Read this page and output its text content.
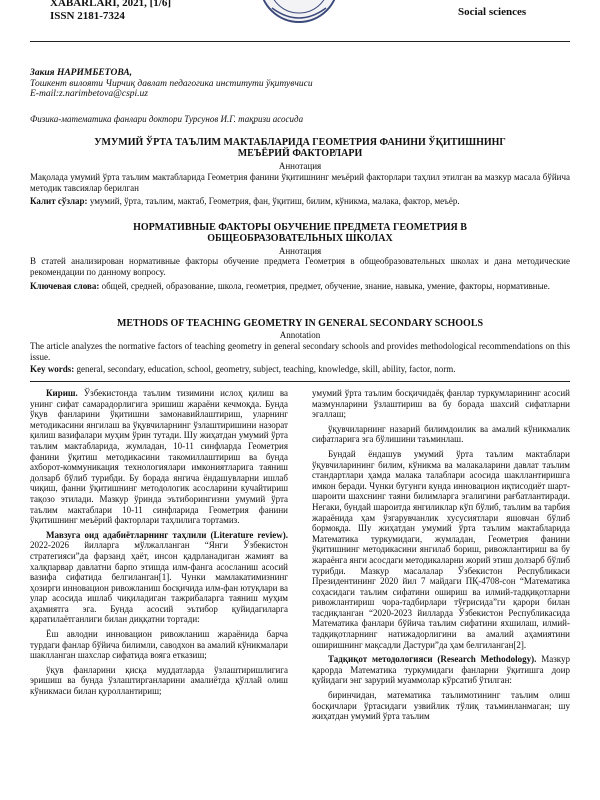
XABARLARI, 2021, [1/6]
ISSN 2181-7324	Social sciences
Закия НАРИМБЕТОВА,
Тошкент вилояти Чирчиқ давлат педагогика институти ўқитувчиси
E-mail:z.narimbetova@cspi.uz
Физика-математика фанлари доктори Турсунов И.Г. тақризи асосида
УМУМИЙ ЎРТА ТАЪЛИМ МАКТАБЛАРИДА ГЕОМЕТРИЯ ФАНИНИ ЎҚИТИШНИНГ МЕЪЁРИЙ ФАКТОРЛАРИ
Аннотация
Мақолада умумий ўрта таълим мактабларида Геометрия фанини ўқитишнинг меъёрий факторлари таҳлил этилган ва мазкур масала бўйича методик тавсиялар берилган
Калит сўзлар: умумий, ўрта, таълим, мактаб, Геометрия, фан, ўқитиш, билим, кўникма, малака, фактор, меъёр.
НОРМАТИВНЫЕ ФАКТОРЫ ОБУЧЕНИЕ ПРЕДМЕТА ГЕОМЕТРИЯ В ОБЩЕОБРАЗОВАТЕЛЬНЫХ ШКОЛАХ
Аннотация
В статей анализирован нормативные факторы обучение предмета Геометрия в общеобразовательных школах и дана методические рекомендации по данному вопросу.
Ключевая слова: общей, средней, образование, школа, геометрия, предмет, обучение, знание, навыка, умение, факторы, нормативные.
METHODS OF TEACHING GEOMETRY IN GENERAL SECONDARY SCHOOLS
Annotation
The article analyzes the normative factors of teaching geometry in general secondary schools and provides methodological recommendations on this issue.
Key words: general, secondary, education, school, geometry, subject, teaching, knowledge, skill, ability, factor, norm.

Кириш. Ўзбекистонда таълим тизимини ислоҳ қилиш ва унинг сифат самарадорлигига эришиш жараёни кечмоқда. Бунда ўқув фанларини ўқитишни замонавийлаштириш, уларнинг методикасини янгилаш ва ўқувчиларнинг ўзлаштиришини назорат қилиш вазифалари муҳим ўрин тутади. Шу жиҳатдан умумий ўрта таълим мактабларида, жумладан, 10-11 синфларда Геометрия фанини ўқитиш методикасини такомиллаштириш ва бунда ахборот-коммуникация технологиялари имкониятларига таяниш долзарб бўлиб турибди. Бу борада янгича ёндашувларни ишлаб чиқиш, фанни ўқитишнинг методологик асосларини кучайтириш тақозо этилади. Мазкур ўринда эътиборингизни умумий ўрта таълим мактаблари 10-11 синфларида Геометрия фанини ўқитишнинг меъёрий факторлари таҳлилига тортамиз.

Мавзуга оид адабиётларнинг таҳлили (Literature review). 2022-2026 йилларга мўлжалланган “Янги Ўзбекистон стратегияси”да фарзанд ҳаёт, инсон қадрланадиган жамият ва халқпарвар давлатни барпо этишда илм-фанга асосланиш асосий вазифа сифатида белгиланган[1]. Чунки мамлакатимизнинг ҳозирги инновацион ривожланиш босқичида илм-фан ютуқлари ва улар асосида ишлаб чиқиладиган тажрибаларга таяниш муҳим аҳамиятга эга. Бунда асосий эътибор қуйидагиларга қаратилаётганлиги билан диққатни тортади:

Ёш авлодни инновацион ривожланиш жараёнида барча турдаги фанлар бўйича билимли, саводхон ва амалий кўникмалари шаклланган шахслар сифатида вояга етказиш;

ўқув фанларини қисқа муддатларда ўзлаштиришлигига эришиш ва бунда ўзлаштирганларини амалиётда қўллай олиш кўникмаси билан қуроллантириш;

умумий ўрта таълим босқичидаёқ фанлар турқумларининг асосий мазмунларини ўзлаштириш ва бу борада шахсий сифатларни эгаллаш;

ўқувчиларнинг назарий билимдоилик ва амалий кўникмалик сифатларига эга бўлишини таъминлаш.

Бундай ёндашув умумий ўрта таълим мактаблари ўқувчиларининг билим, кўникма ва малакаларини давлат таълим стандартлари ҳамда малака талаблари асосида шакллантиришга имкон беради. Чунки бугунги кунда инновацион иқтисодиёт шарт-шароити шахснинг таяни билимларга эгалигини рағбатлантиради. Негаки, бундай шароитда янгиликлар кўп бўлиб, таълим ва тарбия жараёнида ҳам ўзгарувчанлик хусусиятлари яшовчан бўлиб бормоқда. Шу жиҳатдан умумий ўрта таълим мактабларида Математика туркумидаги, жумладан, Геометрия фанини ўқитишнинг методикасини янгилаб бориш, ривожлантириш ва бу жараёнга янги асосдаги методикаларни жорий этиш долзарб бўлиб турибди. Мазкур масалалар Ўзбекистон Республикаси Президентининг 2020 йил 7 майдаги ПҚ-4708-сон “Математика соҳасидаги таълим сифатини ошириш ва илмий-тадқиқотларни ривожлантириш чора-тадбирлари тўғрисида”ги қарори билан тасдиқланган “2020-2023 йилларда Ўзбекистон Республикасида Математика фанлари бўйича таълим сифатини яхшилаш, илмий-тадқиқотларнинг натижадорлигини ва амалий аҳамиятини оширишнинг мақсадли Дастури”да ҳам белгиланган[2].

Тадқиқот методологияси (Research Methodology). Мазкур қарорда Математика туркумидаги фанларни ўқитишга доир қуйидаги энг зарурий муаммолар кўрсатиб ўтилган:

биринчидан, математика таълимотининг таълим олиш босқичлари ўртасидаги узвийлик тўлиқ таъминланмаган; шу жиҳатдан умумий ўрта таълим
